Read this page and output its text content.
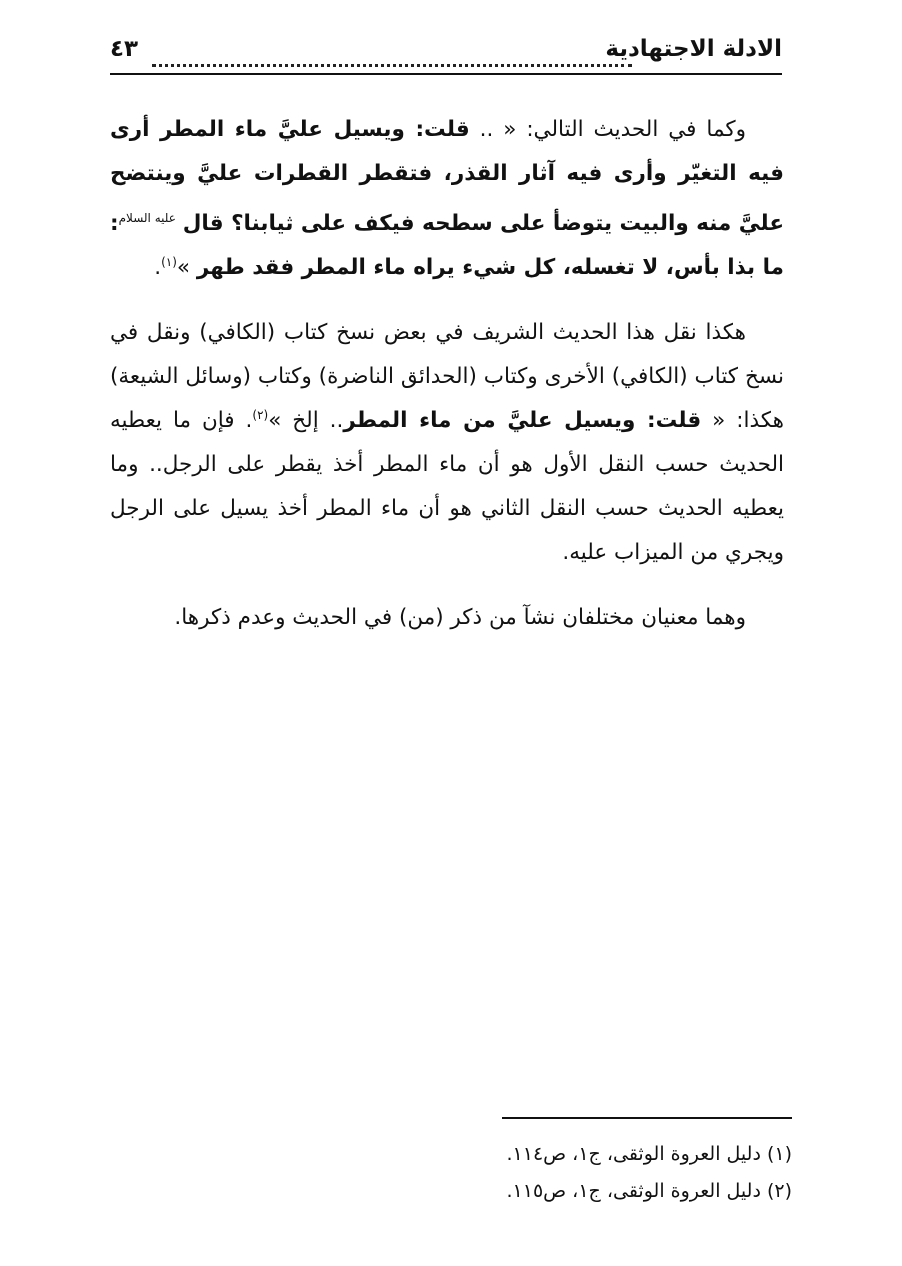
الادلة الاجتهادية
٤٣

وكما في الحديث التالي: « .. قلت: ويسيل عليَّ ماء المطر أرى فيه التغيّر وأرى فيه آثار القذر، فتقطر القطرات عليَّ وينتضح عليَّ منه والبيت يتوضأ على سطحه فيكف على ثيابنا؟ قال $^{عليه السلام}$: ما بذا بأس، لا تغسله، كل شيء يراه ماء المطر فقد طهر »$^{(١)}$.

هكذا نقل هذا الحديث الشريف في بعض نسخ كتاب (الكافي) ونقل في نسخ كتاب (الكافي) الأخرى وكتاب (الحدائق الناضرة) وكتاب (وسائل الشيعة) هكذا: « قلت: ويسيل عليَّ من ماء المطر.. إلخ »$^{(٢)}$. فإن ما يعطيه الحديث حسب النقل الأول هو أن ماء المطر أخذ يقطر على الرجل.. وما يعطيه الحديث حسب النقل الثاني هو أن ماء المطر أخذ يسيل على الرجل ويجري من الميزاب عليه.

وهما معنيان مختلفان نشآ من ذكر (من) في الحديث وعدم ذكرها.

(١) دليل العروة الوثقى، ج١، ص١١٤.
(٢) دليل العروة الوثقى، ج١، ص١١٥.
